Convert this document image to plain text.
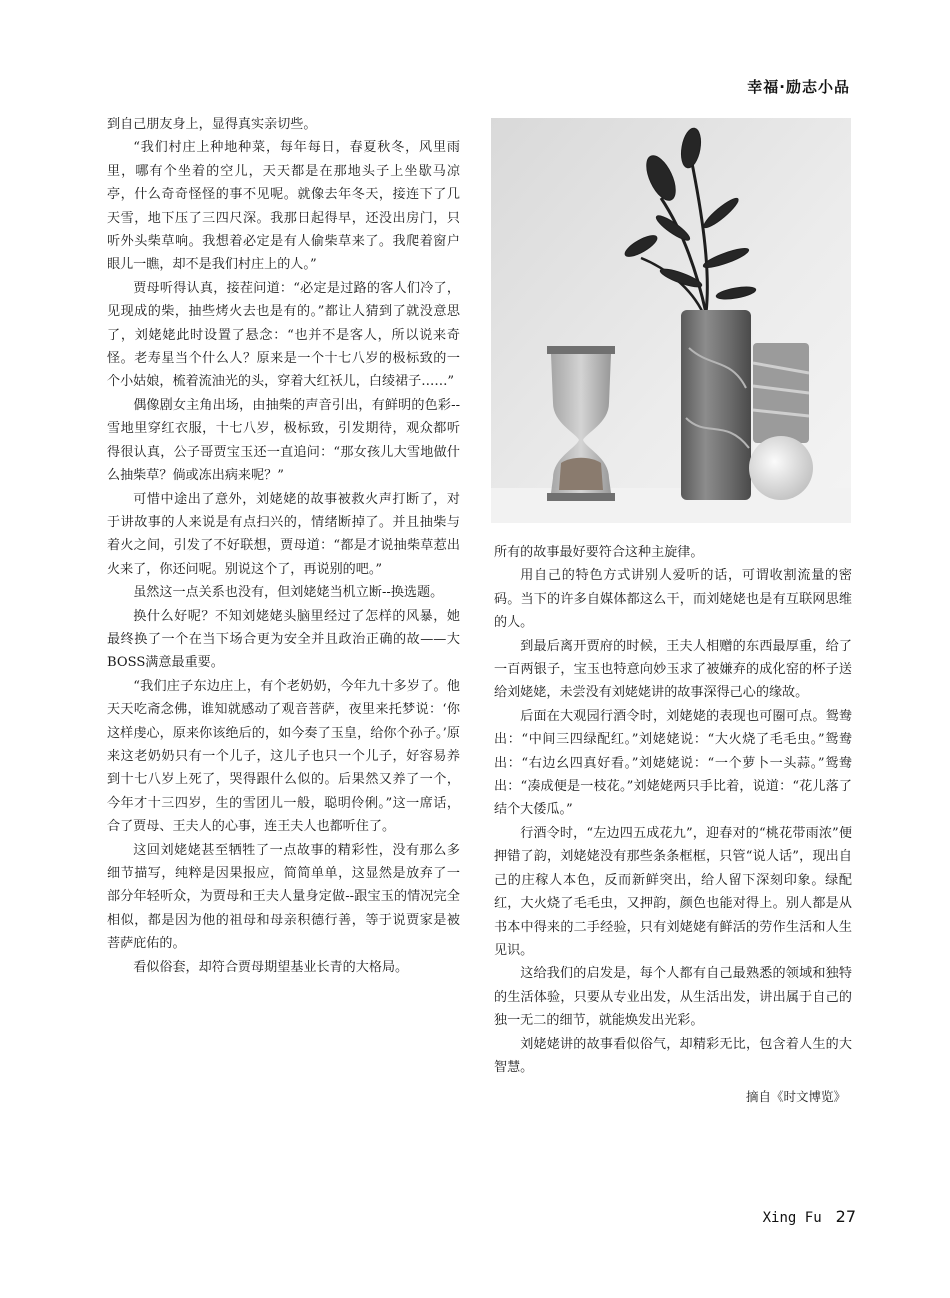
幸福·励志小品

到自己朋友身上，显得真实亲切些。

“我们村庄上种地种菜，每年每日，春夏秋冬，风里雨里，哪有个坐着的空儿，天天都是在那地头子上坐歇马凉亭，什么奇奇怪怪的事不见呢。就像去年冬天，接连下了几天雪，地下压了三四尺深。我那日起得早，还没出房门，只听外头柴草响。我想着必定是有人偷柴草来了。我爬着窗户眼儿一瞧，却不是我们村庄上的人。”

贾母听得认真，接茬问道：“必定是过路的客人们冷了，见现成的柴，抽些烤火去也是有的。”都让人猜到了就没意思了，刘姥姥此时设置了悬念：“也并不是客人，所以说来奇怪。老寿星当个什么人？原来是一个十七八岁的极标致的一个小姑娘，梳着流油光的头，穿着大红袄儿，白绫裙子……”

偶像剧女主角出场，由抽柴的声音引出，有鲜明的色彩--雪地里穿红衣服，十七八岁，极标致，引发期待，观众都听得很认真，公子哥贾宝玉还一直追问：“那女孩儿大雪地做什么抽柴草？倘或冻出病来呢？”

可惜中途出了意外，刘姥姥的故事被救火声打断了，对于讲故事的人来说是有点扫兴的，情绪断掉了。并且抽柴与着火之间，引发了不好联想，贾母道：“都是才说抽柴草惹出火来了，你还问呢。别说这个了，再说别的吧。”

虽然这一点关系也没有，但刘姥姥当机立断--换选题。

换什么好呢？不知刘姥姥头脑里经过了怎样的风暴，她最终换了一个在当下场合更为安全并且政治正确的故——大BOSS满意最重要。

“我们庄子东边庄上，有个老奶奶，今年九十多岁了。他天天吃斋念佛，谁知就感动了观音菩萨，夜里来托梦说：‘你这样虔心，原来你该绝后的，如今奏了玉皇，给你个孙子。’原来这老奶奶只有一个儿子，这儿子也只一个儿子，好容易养到十七八岁上死了，哭得跟什么似的。后果然又养了一个，今年才十三四岁，生的雪团儿一般，聪明伶俐。”这一席话，合了贾母、王夫人的心事，连王夫人也都听住了。

这回刘姥姥甚至牺牲了一点故事的精彩性，没有那么多细节描写，纯粹是因果报应，简简单单，这显然是放弃了一部分年轻听众，为贾母和王夫人量身定做--跟宝玉的情况完全相似，都是因为他的祖母和母亲积德行善，等于说贾家是被菩萨庇佑的。

看似俗套，却符合贾母期望基业长青的大格局。

所有的故事最好要符合这种主旋律。

用自己的特色方式讲别人爱听的话，可谓收割流量的密码。当下的许多自媒体都这么干，而刘姥姥也是有互联网思维的人。

到最后离开贾府的时候，王夫人相赠的东西最厚重，给了一百两银子，宝玉也特意向妙玉求了被嫌弃的成化窑的杯子送给刘姥姥，未尝没有刘姥姥讲的故事深得己心的缘故。

后面在大观园行酒令时，刘姥姥的表现也可圈可点。鸳鸯出：“中间三四绿配红。”刘姥姥说：“大火烧了毛毛虫。”鸳鸯出：“右边幺四真好看。”刘姥姥说：“一个萝卜一头蒜。”鸳鸯出：“凑成便是一枝花。”刘姥姥两只手比着，说道：“花儿落了结个大倭瓜。”

行酒令时，“左边四五成花九”，迎春对的“桃花带雨浓”便押错了韵，刘姥姥没有那些条条框框，只管“说人话”，现出自己的庄稼人本色，反而新鲜突出，给人留下深刻印象。绿配红，大火烧了毛毛虫，又押韵，颜色也能对得上。别人都是从书本中得来的二手经验，只有刘姥姥有鲜活的劳作生活和人生见识。

这给我们的启发是，每个人都有自己最熟悉的领域和独特的生活体验，只要从专业出发，从生活出发，讲出属于自己的独一无二的细节，就能焕发出光彩。

刘姥姥讲的故事看似俗气，却精彩无比，包含着人生的大智慧。

摘自《时文博览》

Xing Fu 27
